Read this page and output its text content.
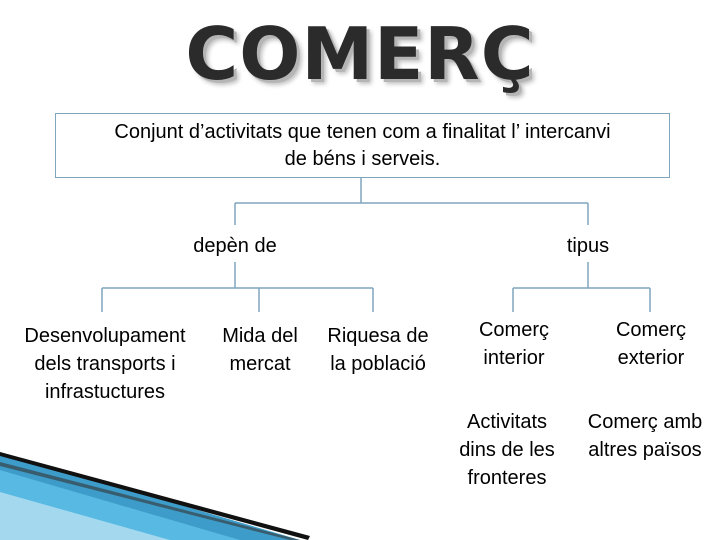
COMERÇ
Conjunt d’activitats que tenen com a finalitat l’ intercanvi
de béns i serveis.
depèn de	tipus
Desenvolupament
dels transports i
infrastuctures
Mida del
mercat
Riquesa de
la població
Comerç
interior
Comerç
exterior
Activitats
dins de les
fronteres
Comerç amb
altres països
